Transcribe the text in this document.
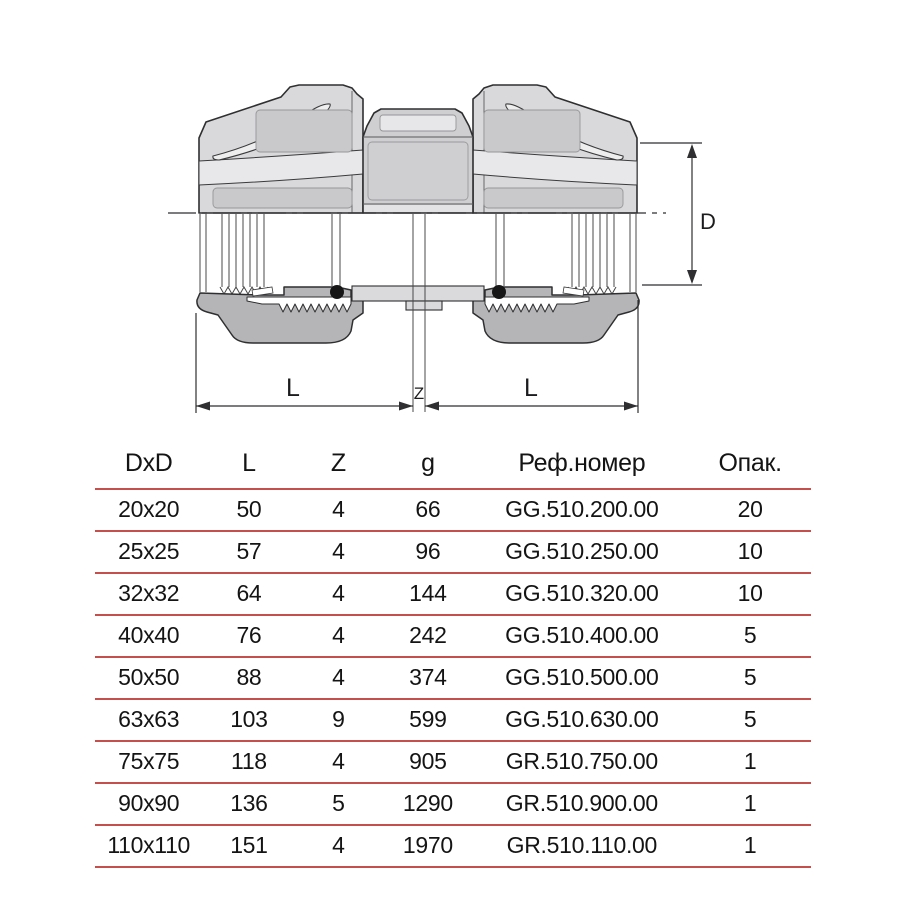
D
L	Z	L
DxD	L	Z	g	Реф.номер	Опак.
20x20	50	4	66	GG.510.200.00	20
25x25	57	4	96	GG.510.250.00	10
32x32	64	4	144	GG.510.320.00	10
40x40	76	4	242	GG.510.400.00	5
50x50	88	4	374	GG.510.500.00	5
63x63	103	9	599	GG.510.630.00	5
75x75	118	4	905	GR.510.750.00	1
90x90	136	5	1290	GR.510.900.00	1
110x110	151	4	1970	GR.510.110.00	1
